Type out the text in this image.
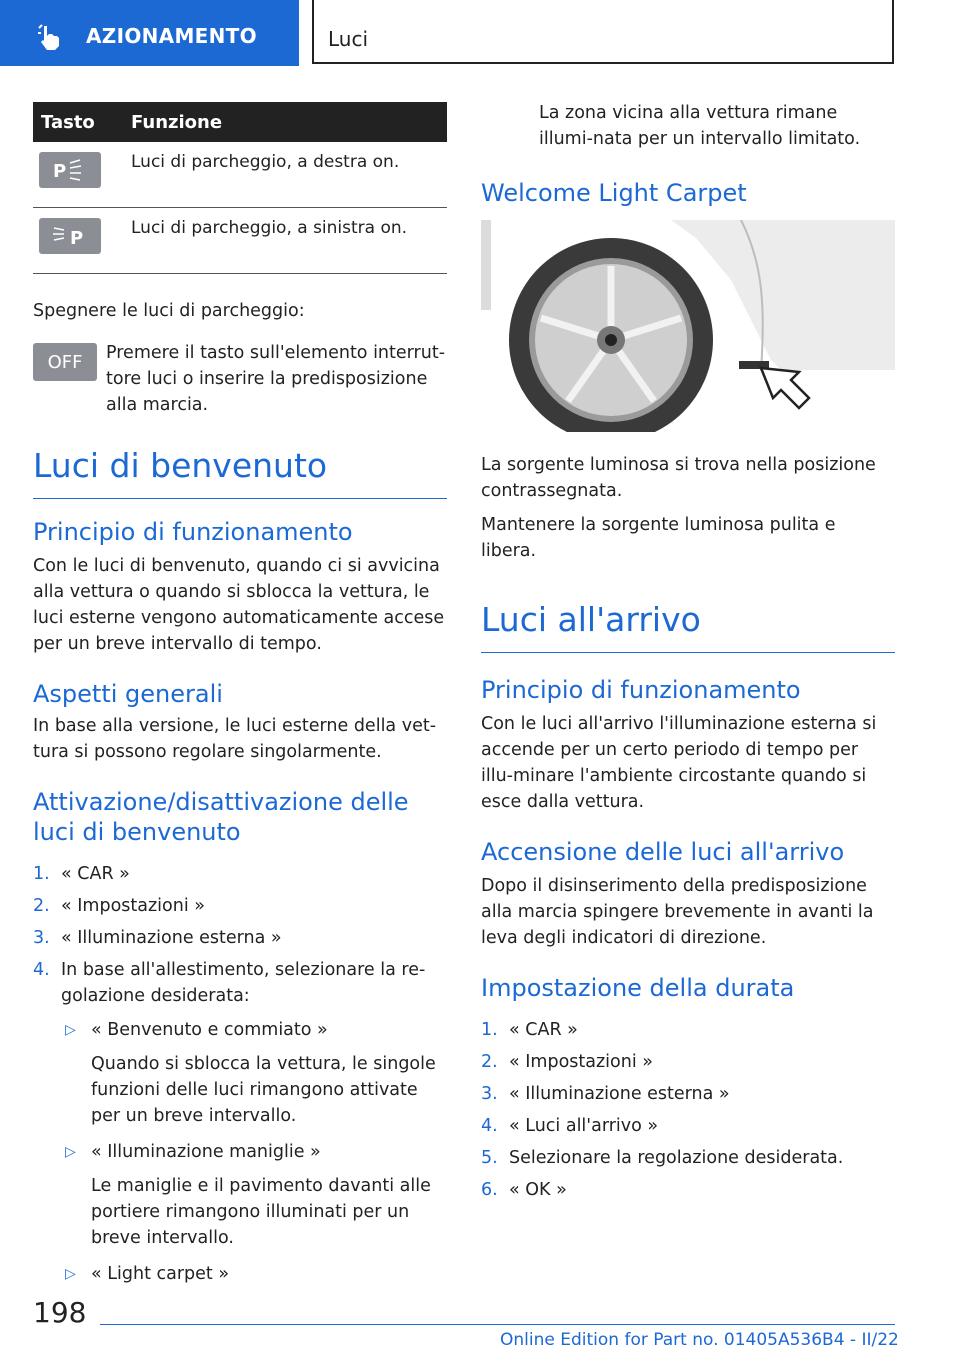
AZIONAMENTO	Luci
Tasto	Funzione

P	Luci di parcheggio, a destra on.

P	Luci di parcheggio, a sinistra on.

Spegnere le luci di parcheggio:

OFF	Premere il tasto sull'elemento interrut-tore luci o inserire la predisposizione alla marcia.

Luci di benvenuto
Principio di funzionamento

Con le luci di benvenuto, quando ci si avvicina alla vettura o quando si sblocca la vettura, le luci esterne vengono automaticamente accese per un breve intervallo di tempo.

Aspetti generali

In base alla versione, le luci esterne della vet-tura si possono regolare singolarmente.

Attivazione/disattivazione delle luci di benvenuto
1. « CAR »
2. « Impostazioni »
3. « Illuminazione esterna »
4. In base all'allestimento, selezionare la re-golazione desiderata:
▷ « Benvenuto e commiato »
Quando si sblocca la vettura, le singole funzioni delle luci rimangono attivate per un breve intervallo.
▷ « Illuminazione maniglie »
Le maniglie e il pavimento davanti alle portiere rimangono illuminati per un breve intervallo.
▷ « Light carpet »

La zona vicina alla vettura rimane illumi-nata per un intervallo limitato.

Welcome Light Carpet

La sorgente luminosa si trova nella posizione contrassegnata.

Mantenere la sorgente luminosa pulita e libera.

Luci all'arrivo
Principio di funzionamento

Con le luci all'arrivo l'illuminazione esterna si accende per un certo periodo di tempo per illu-minare l'ambiente circostante quando si esce dalla vettura.

Accensione delle luci all'arrivo

Dopo il disinserimento della predisposizione alla marcia spingere brevemente in avanti la leva degli indicatori di direzione.

Impostazione della durata
1. « CAR »
2. « Impostazioni »
3. « Illuminazione esterna »
4. « Luci all'arrivo »
5. Selezionare la regolazione desiderata.
6. « OK »
198
Online Edition for Part no. 01405A536B4 - II/22
